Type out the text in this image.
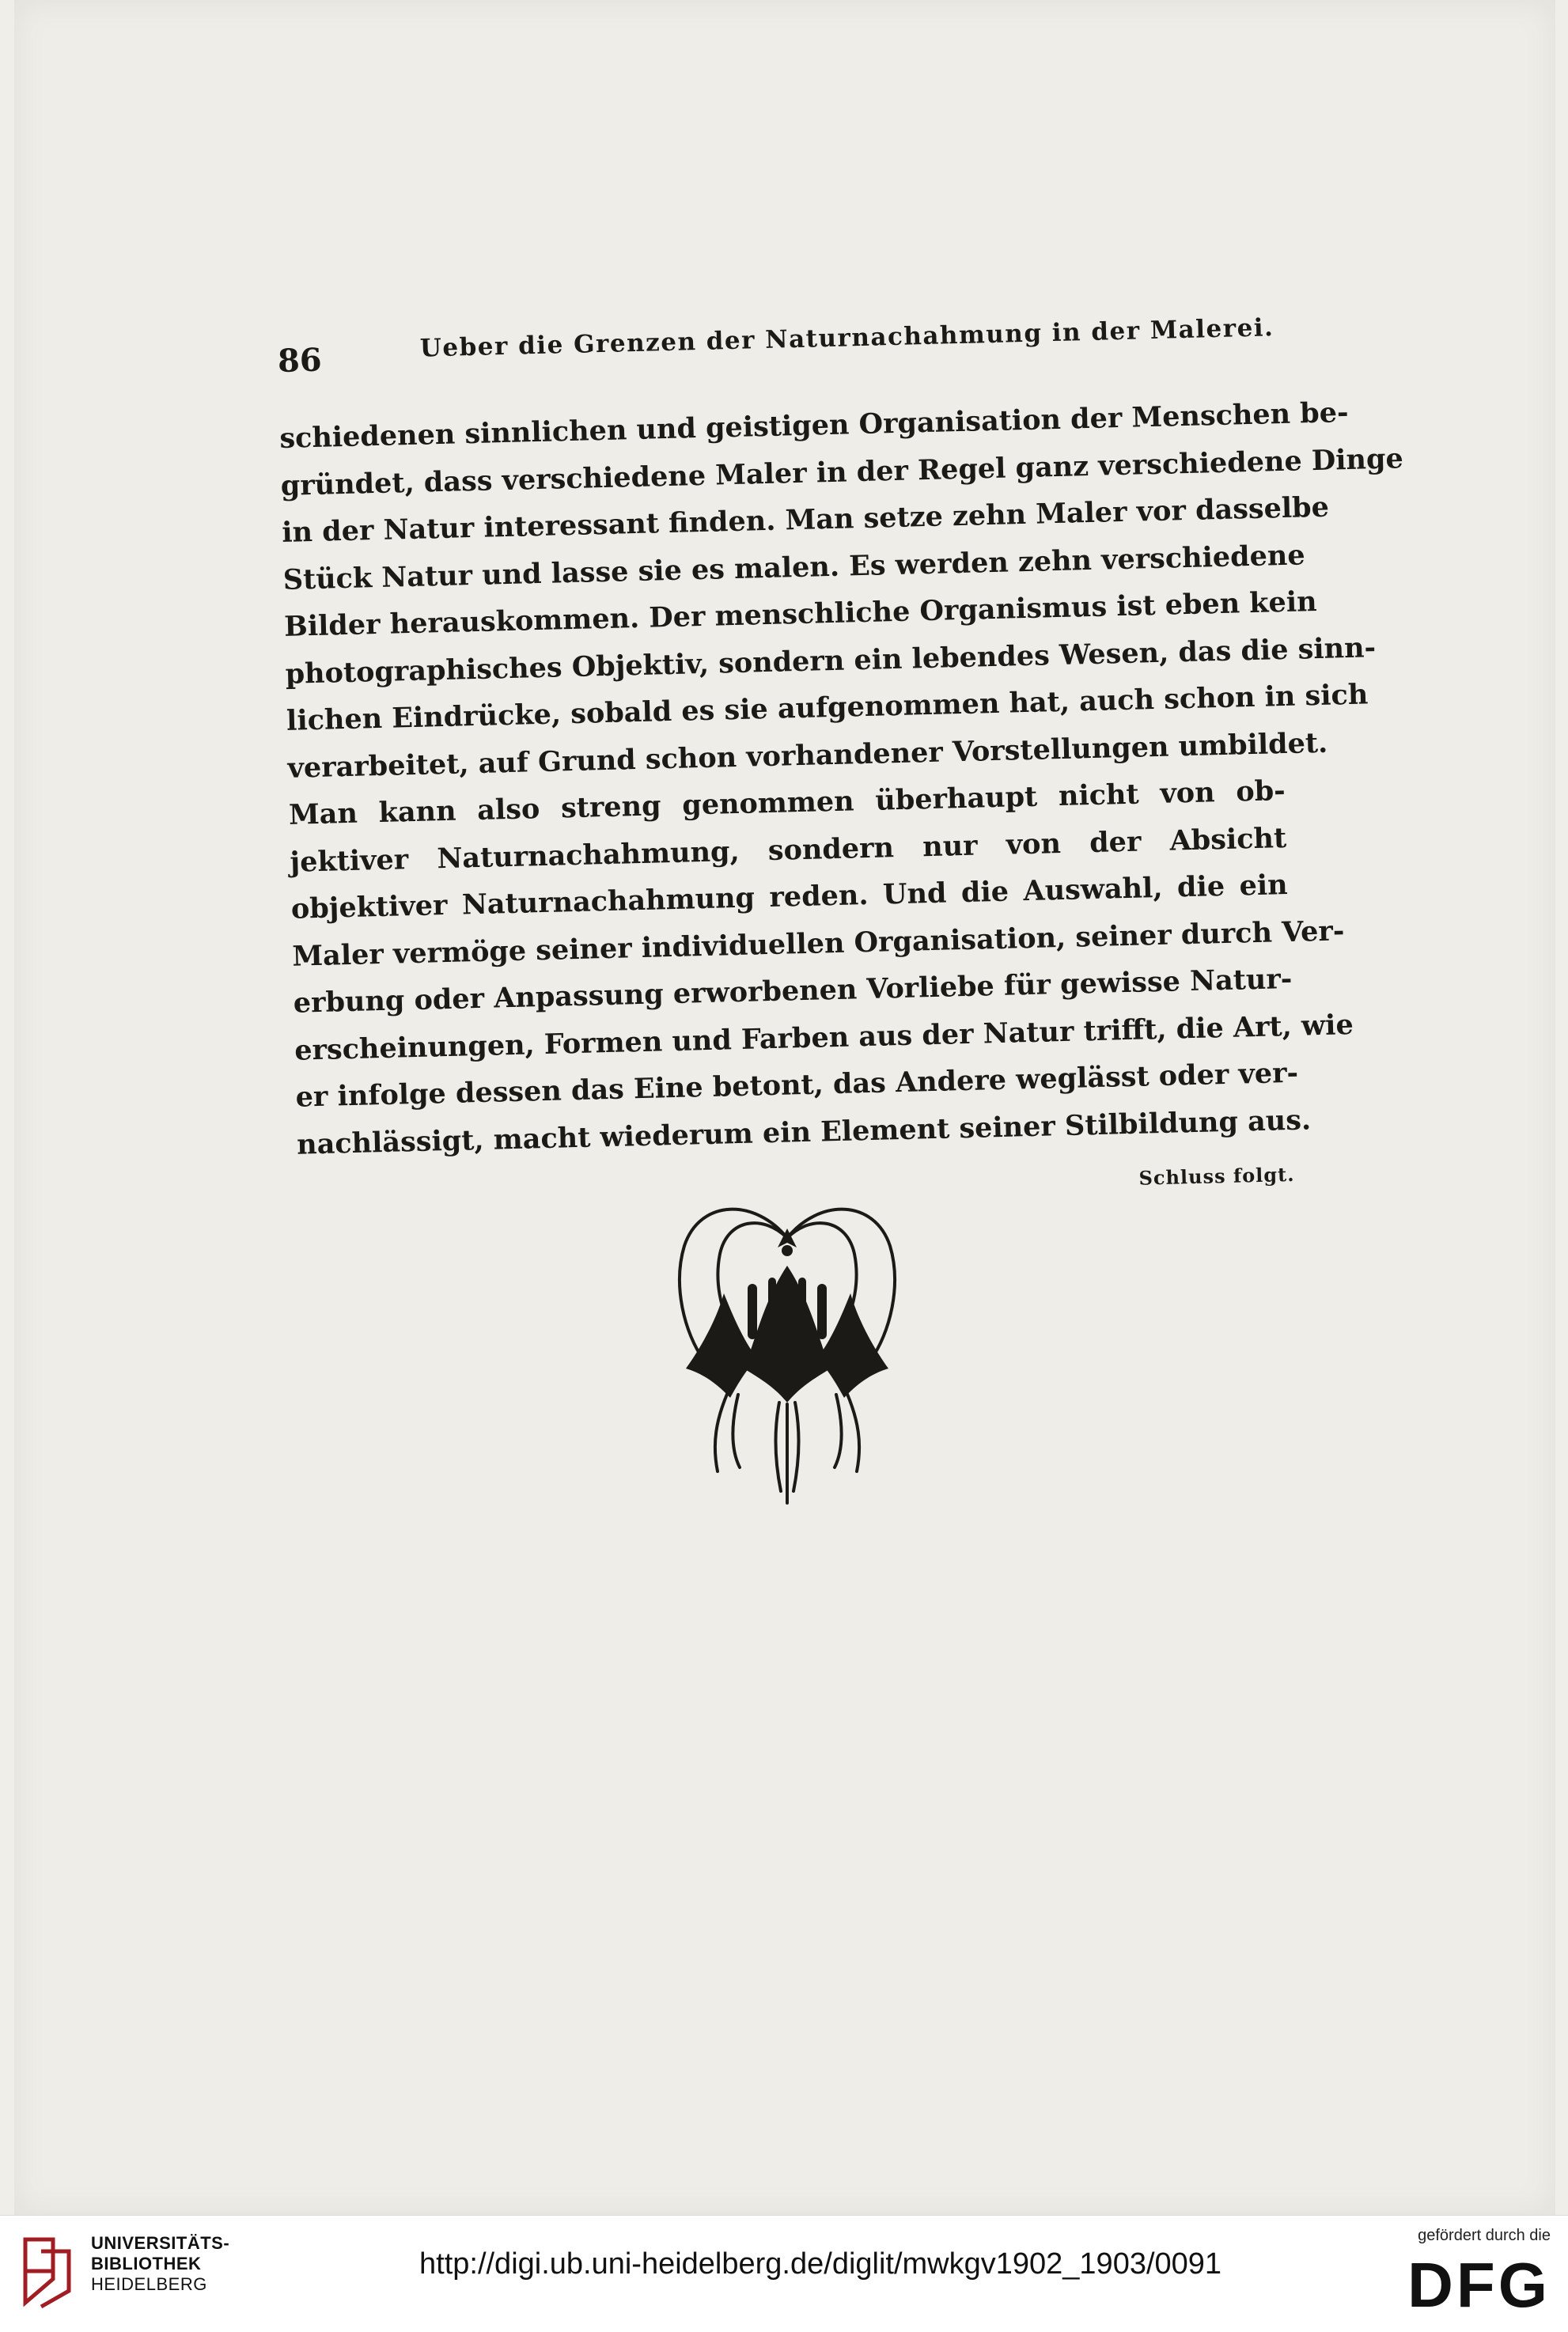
86	Ueber die Grenzen der Naturnachahmung in der Malerei.
schiedenen sinnlichen und geistigen Organisation der Menschen be-
gründet, dass verschiedene Maler in der Regel ganz verschiedene Dinge
in der Natur interessant finden. Man setze zehn Maler vor dasselbe
Stück Natur und lasse sie es malen. Es werden zehn verschiedene
Bilder herauskommen. Der menschliche Organismus ist eben kein
photographisches Objektiv, sondern ein lebendes Wesen, das die sinn-
lichen Eindrücke, sobald es sie aufgenommen hat, auch schon in sich
verarbeitet, auf Grund schon vorhandener Vorstellungen umbildet.
Man kann also streng genommen überhaupt nicht von ob-
jektiver Naturnachahmung, sondern nur von der Absicht
objektiver Naturnachahmung reden. Und die Auswahl, die ein
Maler vermöge seiner individuellen Organisation, seiner durch Ver-
erbung oder Anpassung erworbenen Vorliebe für gewisse Natur-
erscheinungen, Formen und Farben aus der Natur trifft, die Art, wie
er infolge dessen das Eine betont, das Andere weglässt oder ver-
nachlässigt, macht wiederum ein Element seiner Stilbildung aus.
Schluss folgt.
UNIVERSITÄTS-
BIBLIOTHEK
HEIDELBERG
http://digi.ub.uni-heidelberg.de/diglit/mwkgv1902_1903/0091
gefördert durch die
DFG
